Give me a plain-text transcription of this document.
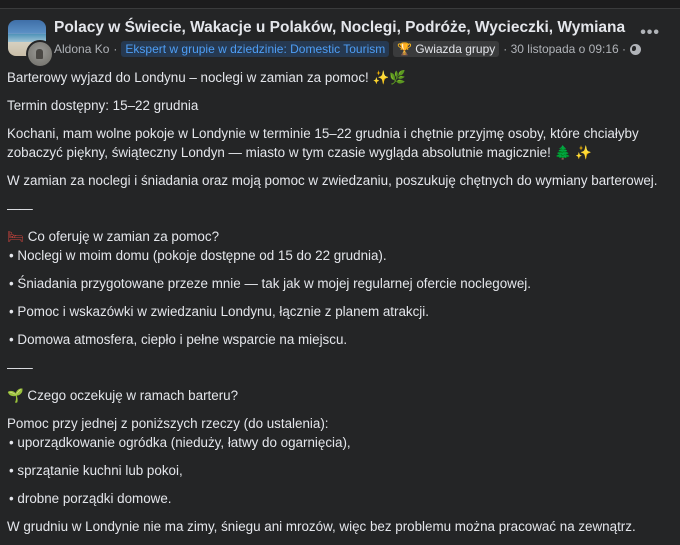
Polacy w Świecie, Wakacje u Polaków, Noclegi, Podróże, Wycieczki, Wymiana
Aldona Ko · Ekspert w grupie w dziedzinie: Domestic Tourism	🏆 Gwiazda grupy · 30 listopada o 09:16 ·
•••

Barterowy wyjazd do Londynu – noclegi w zamian za pomoc! ✨🌿

Termin dostępny: 15–22 grudnia

Kochani, mam wolne pokoje w Londynie w terminie 15–22 grudnia i chętnie przyjmę osoby, które chciałyby zobaczyć piękny, świąteczny Londyn — miasto w tym czasie wygląda absolutnie magicznie! 🌲 ✨

W zamian za noclegi i śniadania oraz moją pomoc w zwiedzaniu, poszukuję chętnych do wymiany barterowej.

——

🛏 Co oferuję w zamian za pomoc?

• Noclegi w moim domu (pokoje dostępne od 15 do 22 grudnia).

• Śniadania przygotowane przeze mnie — tak jak w mojej regularnej ofercie noclegowej.

• Pomoc i wskazówki w zwiedzaniu Londynu, łącznie z planem atrakcji.

• Domowa atmosfera, ciepło i pełne wsparcie na miejscu.

——

🌱 Czego oczekuję w ramach barteru?

Pomoc przy jednej z poniższych rzeczy (do ustalenia):

• uporządkowanie ogródka (nieduży, łatwy do ogarnięcia),

• sprzątanie kuchni lub pokoi,

• drobne porządki domowe.

W grudniu w Londynie nie ma zimy, śniegu ani mrozów, więc bez problemu można pracować na zewnątrz.
